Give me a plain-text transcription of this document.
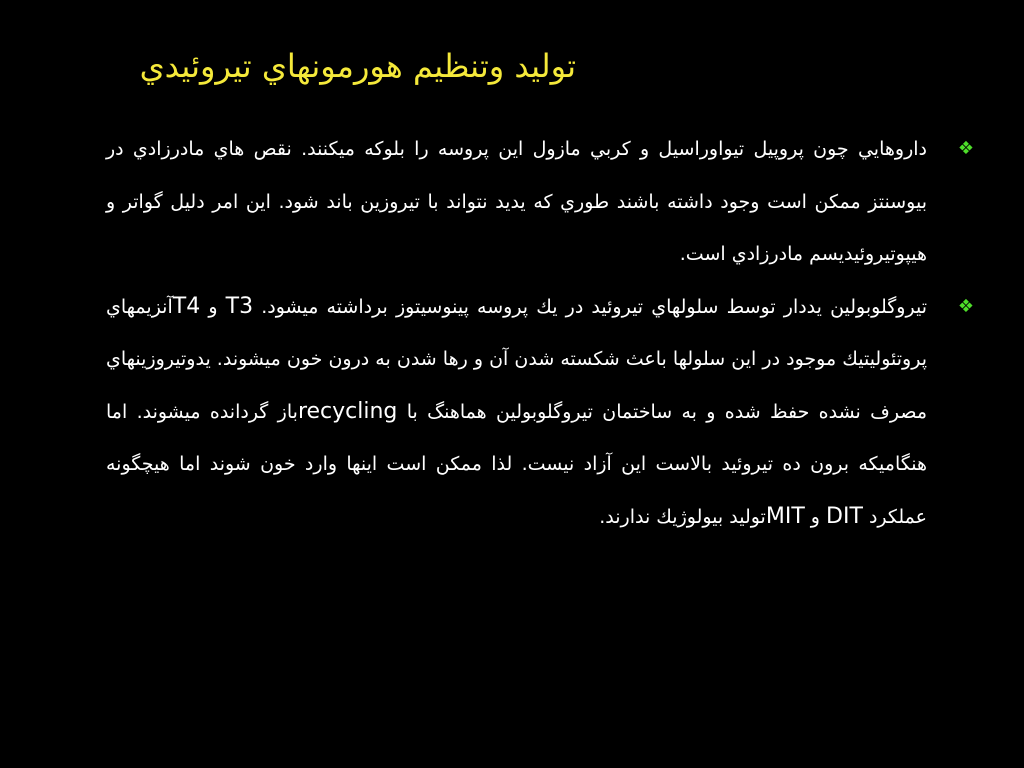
توليد وتنظيم هورمونهاي تيروئيدي

❖
داروهايي چون پروپيل تيواوراسيل و كربي مازول اين پروسه را بلوكه ميكنند. نقص هاي مادرزادي در بيوسنتز ممكن است وجود داشته باشند طوري كه يديد نتواند با تيروزين باند شود. اين امر دليل گواتر و هيپوتيروئيديسم مادرزادي است.

❖
تيروگلوبولين يددار توسط سلولهاي تيروئيد در يك پروسه پينوسيتوز برداشته ميشود. T3 و T4آنزيمهاي پروتئوليتيك موجود در اين سلولها باعث شكسته شدن آن و رها شدن به درون خون ميشوند. يدوتيروزينهاي مصرف نشده حفظ شده و به ساختمان تيروگلوبولين هماهنگ با recyclingباز گردانده ميشوند. اما هنگاميكه برون ده تيروئيد بالاست اين آزاد نيست. لذا ممكن است اينها وارد خون شوند اما هيچگونه عملكرد DIT و MITتوليد بيولوژيك ندارند.
